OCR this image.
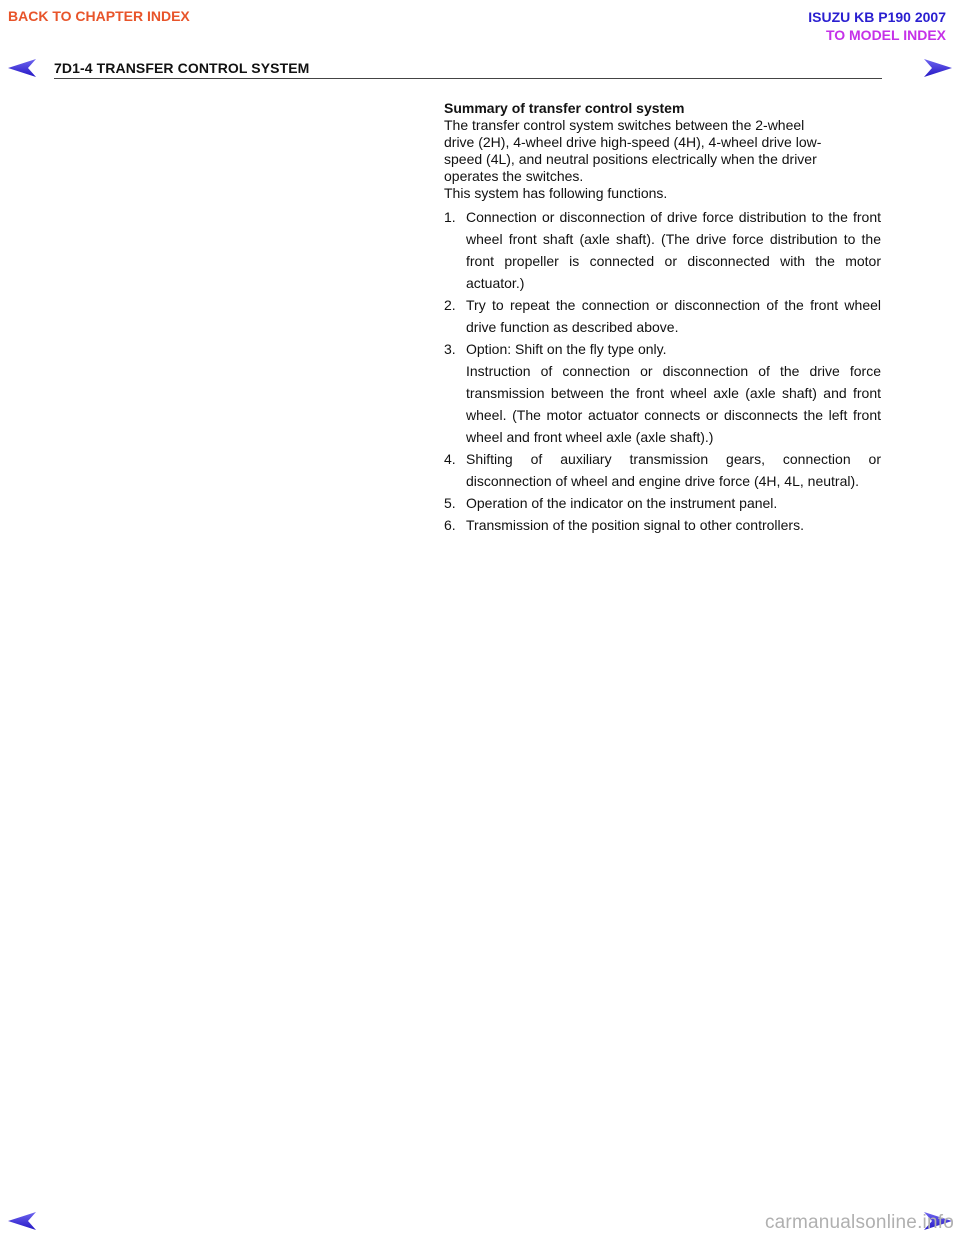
BACK TO CHAPTER INDEX	ISUZU KB P190 2007
TO MODEL INDEX
7D1-4 TRANSFER CONTROL SYSTEM

Summary of transfer control system

The transfer control system switches between the 2-wheel

drive (2H), 4-wheel drive high-speed (4H), 4-wheel drive low-

speed (4L), and neutral positions electrically when the driver

operates the switches.

This system has following functions.

1. Connection or disconnection of drive force distribution to the front wheel front shaft (axle shaft). (The drive force distribution to the front propeller is connected or disconnected with the motor actuator.)
2. Try to repeat the connection or disconnection of the front wheel drive function as described above.
3. Option: Shift on the fly type only.
Instruction of connection or disconnection of the drive force transmission between the front wheel axle (axle shaft) and front wheel. (The motor actuator connects or disconnects the left front wheel and front wheel axle (axle shaft).)
4. Shifting of auxiliary transmission gears, connection or disconnection of wheel and engine drive force (4H, 4L, neutral).
5. Operation of the indicator on the instrument panel.
6. Transmission of the position signal to other controllers.
carmanualsonline.info
